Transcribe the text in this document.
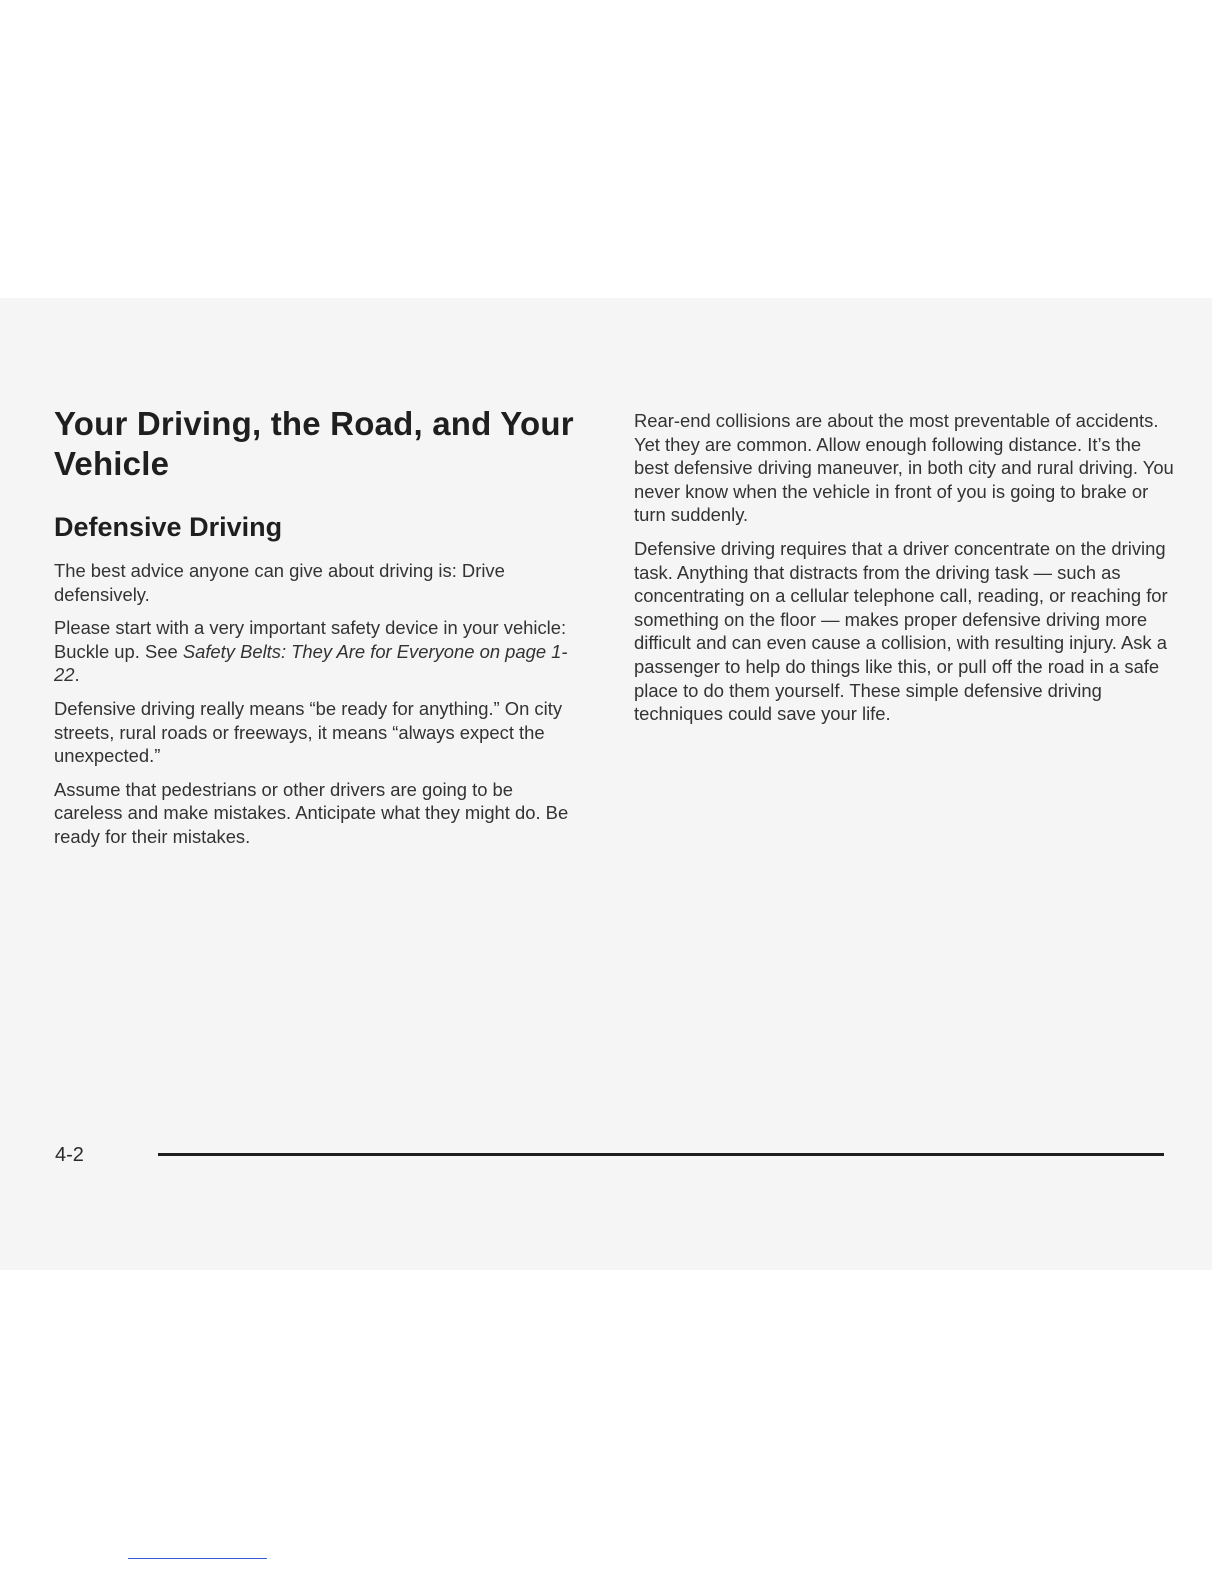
Your Driving, the Road, and Your Vehicle
Defensive Driving

The best advice anyone can give about driving is: Drive defensively.

Please start with a very important safety device in your vehicle: Buckle up. See Safety Belts: They Are for Everyone on page 1-22.

Defensive driving really means “be ready for anything.” On city streets, rural roads or freeways, it means “always expect the unexpected.”

Assume that pedestrians or other drivers are going to be careless and make mistakes. Anticipate what they might do. Be ready for their mistakes.

Rear-end collisions are about the most preventable of accidents. Yet they are common. Allow enough following distance. It’s the best defensive driving maneuver, in both city and rural driving. You never know when the vehicle in front of you is going to brake or turn suddenly.

Defensive driving requires that a driver concentrate on the driving task. Anything that distracts from the driving task — such as concentrating on a cellular telephone call, reading, or reaching for something on the floor — makes proper defensive driving more difficult and can even cause a collision, with resulting injury. Ask a passenger to help do things like this, or pull off the road in a safe place to do them yourself. These simple defensive driving techniques could save your life.

4-2
